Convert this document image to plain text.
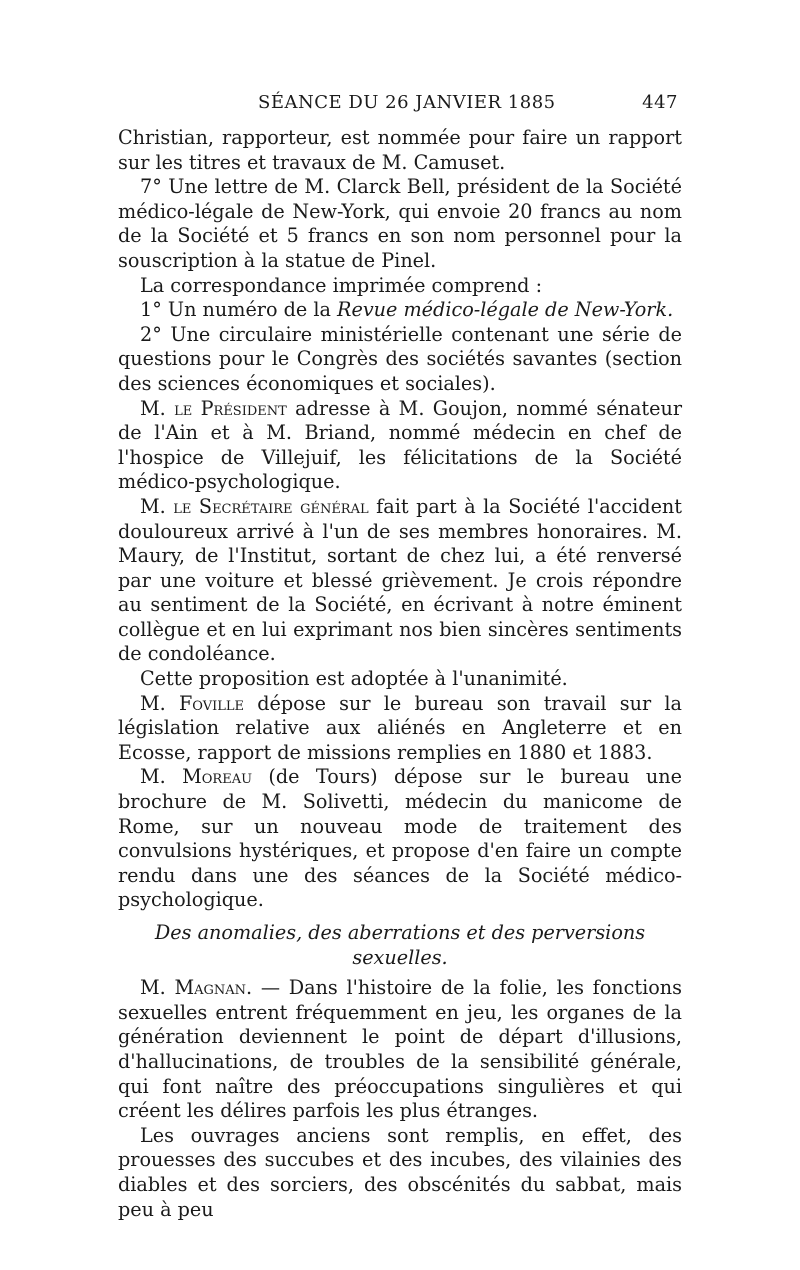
SÉANCE DU 26 JANVIER 1885	447

Christian, rapporteur, est nommée pour faire un rapport sur les titres et travaux de M. Camuset.

7° Une lettre de M. Clarck Bell, président de la Société médico-légale de New-York, qui envoie 20 francs au nom de la Société et 5 francs en son nom personnel pour la souscription à la statue de Pinel.

La correspondance imprimée comprend :

1° Un numéro de la Revue médico-légale de New-York.

2° Une circulaire ministérielle contenant une série de questions pour le Congrès des sociétés savantes (section des sciences économiques et sociales).

M. le Président adresse à M. Goujon, nommé sénateur de l'Ain et à M. Briand, nommé médecin en chef de l'hospice de Villejuif, les félicitations de la Société médico-psychologique.

M. le Secrétaire général fait part à la Société l'accident douloureux arrivé à l'un de ses membres honoraires. M. Maury, de l'Institut, sortant de chez lui, a été renversé par une voiture et blessé grièvement. Je crois répondre au sentiment de la Société, en écrivant à notre éminent collègue et en lui exprimant nos bien sincères sentiments de condoléance.

Cette proposition est adoptée à l'unanimité.

M. Foville dépose sur le bureau son travail sur la législation relative aux aliénés en Angleterre et en Ecosse, rapport de missions remplies en 1880 et 1883.

M. Moreau (de Tours) dépose sur le bureau une brochure de M. Solivetti, médecin du manicome de Rome, sur un nouveau mode de traitement des convulsions hystériques, et propose d'en faire un compte rendu dans une des séances de la Société médico-psychologique.

Des anomalies, des aberrations et des perversions sexuelles.

M. Magnan. — Dans l'histoire de la folie, les fonctions sexuelles entrent fréquemment en jeu, les organes de la génération deviennent le point de départ d'illusions, d'hallucinations, de troubles de la sensibilité générale, qui font naître des préoccupations singulières et qui créent les délires parfois les plus étranges.

Les ouvrages anciens sont remplis, en effet, des prouesses des succubes et des incubes, des vilainies des diables et des sorciers, des obscénités du sabbat, mais peu à peu
